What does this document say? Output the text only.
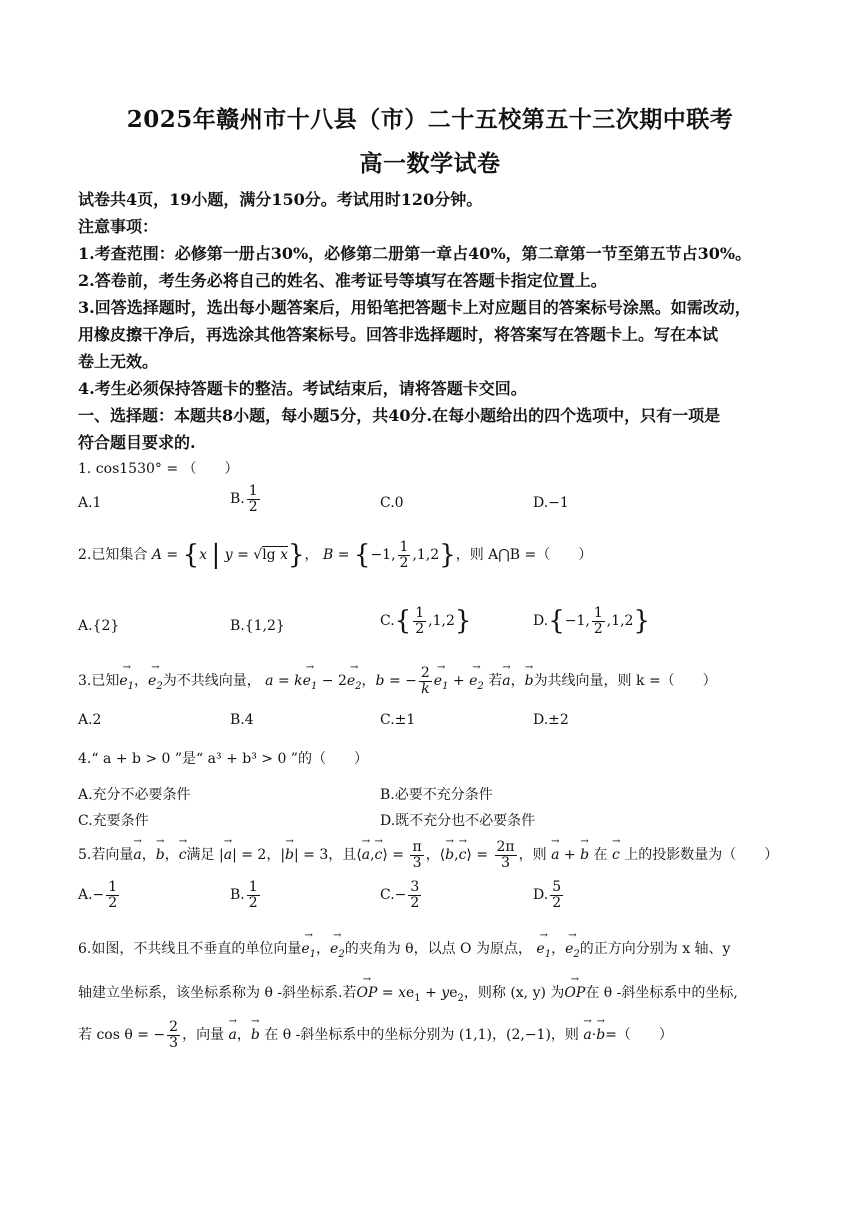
2025年赣州市十八县（市）二十五校第五十三次期中联考
高一数学试卷
试卷共4页，19小题，满分150分。考试用时120分钟。
注意事项：
1.考查范围：必修第一册占30%，必修第二册第一章占40%，第二章第一节至第五节占30%。
2.答卷前，考生务必将自己的姓名、准考证号等填写在答题卡指定位置上。
3.回答选择题时，选出每小题答案后，用铅笔把答题卡上对应题目的答案标号涂黑。如需改动，
用橡皮擦干净后，再选涂其他答案标号。回答非选择题时，将答案写在答题卡上。写在本试
卷上无效。
4.考生必须保持答题卡的整洁。考试结束后，请将答题卡交回。
一、选择题：本题共8小题，每小题5分，共40分.在每小题给出的四个选项中，只有一项是
符合题目要求的.
1. cos1530° = （　　）
A.1	B. $\frac{1}{2}$	C.0	D.−1
2.已知集合 A = {x | y = √lg x}， B = {−1, $\frac{1}{2} ,1,2$}，则 A⋂B =（　　）
A.{2}	B.{1,2}	$C.\{ \frac{1}{2} ,1,2\}$	D.{−1, $\frac{1}{2} ,1,2$}
3.已知→ $e_1$，→ $e_2$为不共线向量， $a = k\to e_1 - 2\to e_2$，b = − $\frac{2}{k} \to e_1$ + → $e_2$ 若→ a，→ b为共线向量，则 k =（　　）
A.2	B.4	C.±1	D.±2
4.“ a + b > 0 ”是“ a³ + b³ > 0 ”的（　　）
A.充分不必要条件	B.必要不充分条件
C.充要条件	D.既不充分也不必要条件
5.若向量→ a，→ b，→ c满足 |→ a| = 2，|→ b| = 3，且⟨→ a,→ c⟩ = $\frac{\pi}{3}$ ，⟨→ b,→ c⟩ = $\frac{2\pi}{3}$ ，则 → a + → b 在 → c 上的投影数量为（　　）
$A.- \frac{1}{2}$	B. $\frac{1}{2}$	$C.- \frac{3}{2}$	D. $\frac{5}{2}$
6.如图，不共线且不垂直的单位向量→ $e_1$，→ $e_2$的夹角为 θ，以点 O 为原点， → $e_1$，→ $e_2$的正方向分别为 x 轴、y
轴建立坐标系，该坐标系称为 θ -斜坐标系.若→ OP = $xe_1 + ye_2$，则称 (x, y) 为→ OP在 θ -斜坐标系中的坐标,
若 cos θ = − $\frac{2}{3}$ ，向量 → a，→ b 在 θ -斜坐标系中的坐标分别为 (1,1)，(2,−1)，则 → a·→ b=（　　）
